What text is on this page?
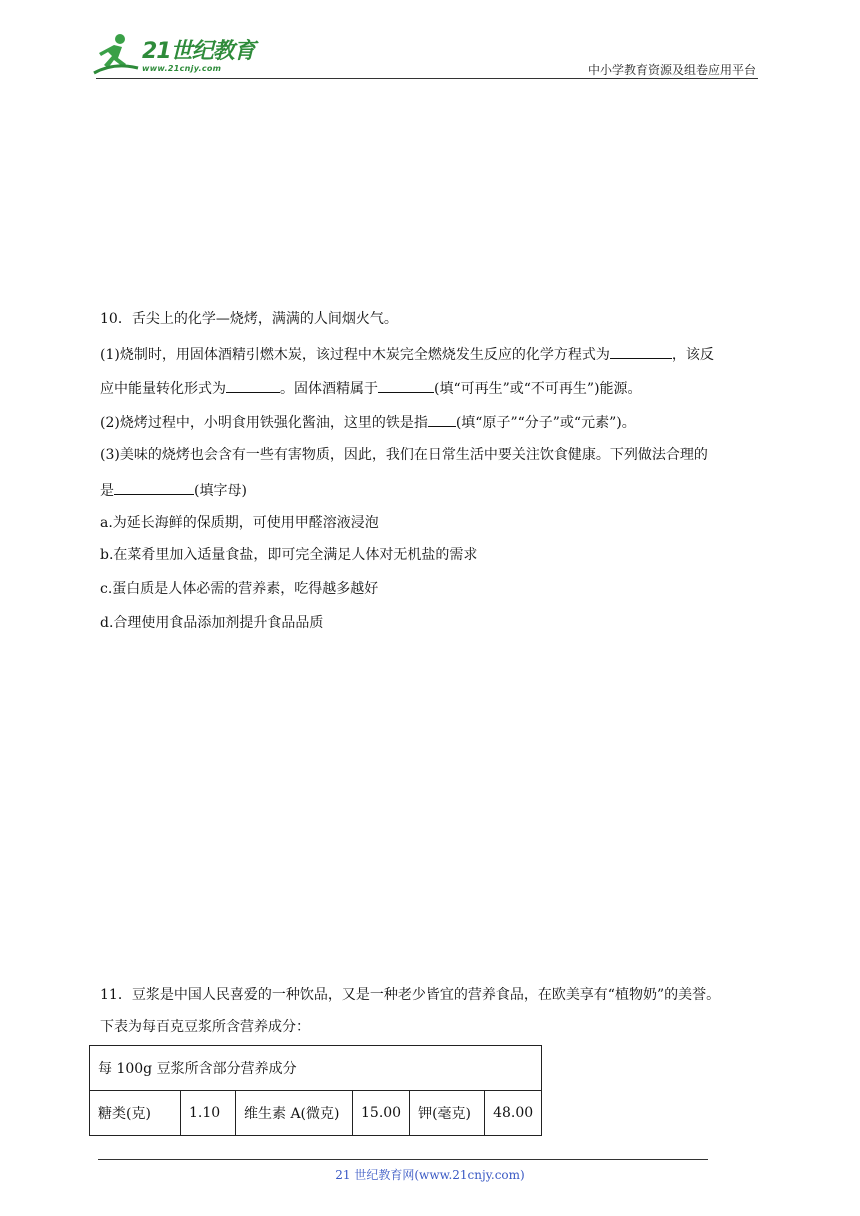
21世纪教育
www.21cnjy.com	中小学教育资源及组卷应用平台
10．舌尖上的化学—烧烤，满满的人间烟火气。
(1)烧制时，用固体酒精引燃木炭，该过程中木炭完全燃烧发生反应的化学方程式为	，该反
应中能量转化形式为	。固体酒精属于	(填“可再生”或“不可再生”)能源。
(2)烧烤过程中，小明食用铁强化酱油，这里的铁是指 (填“原子”“分子”或“元素”)。
(3)美味的烧烤也会含有一些有害物质，因此，我们在日常生活中要关注饮食健康。下列做法合理的
是	(填字母)
a.为延长海鲜的保质期，可使用甲醛溶液浸泡
b.在菜肴里加入适量食盐，即可完全满足人体对无机盐的需求
c.蛋白质是人体必需的营养素，吃得越多越好
d.合理使用食品添加剂提升食品品质
11．豆浆是中国人民喜爱的一种饮品，又是一种老少皆宜的营养食品，在欧美享有“植物奶”的美誉。
下表为每百克豆浆所含营养成分：
每 100g 豆浆所含部分营养成分
糖类(克)	1.10	维生素 A(微克)	15.00	钾(毫克)	48.00
21 世纪教育网(www.21cnjy.com)
